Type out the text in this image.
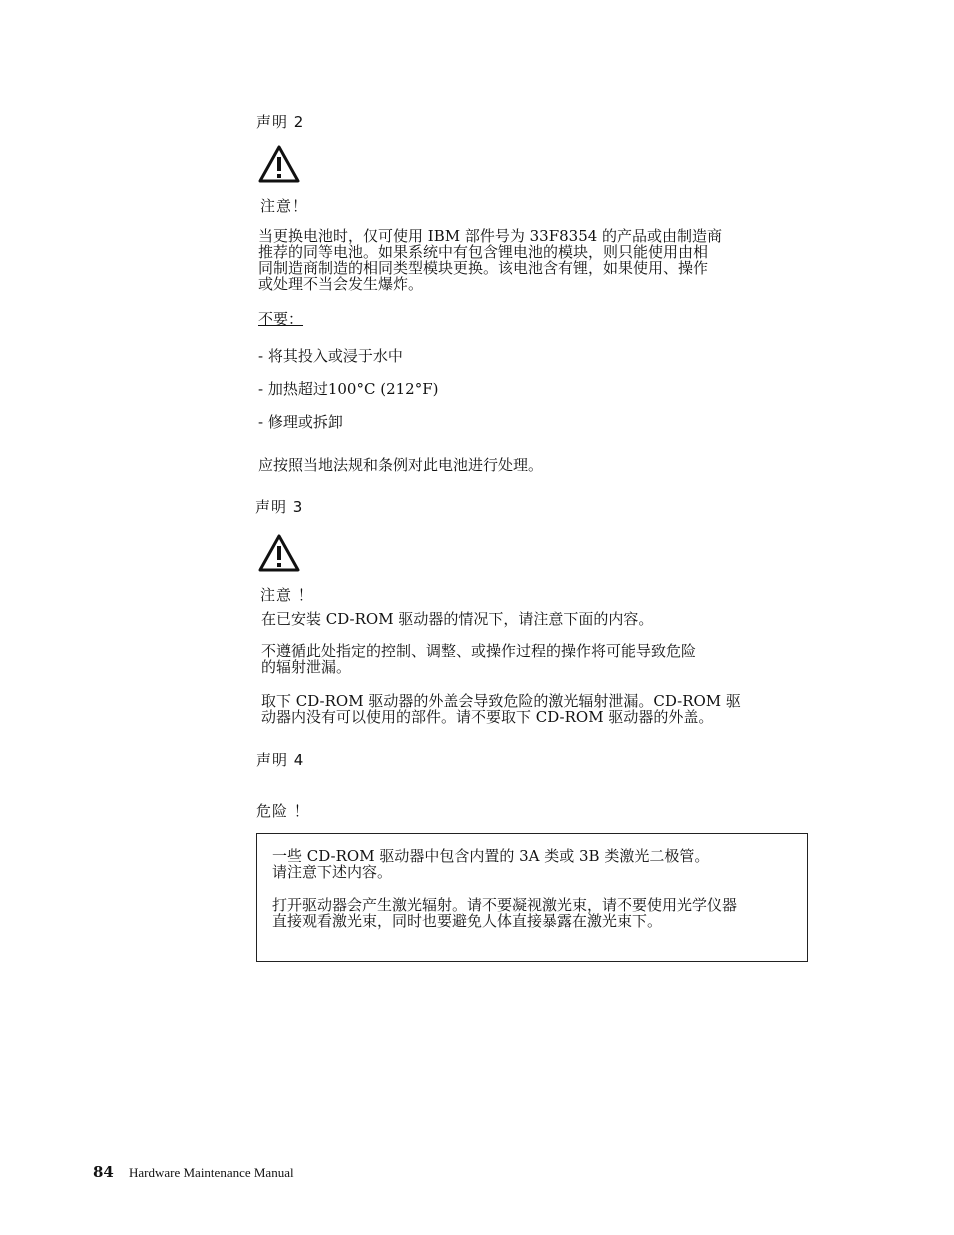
声明 2
注意！
当更换电池时，仅可使用 IBM 部件号为 33F8354 的产品或由制造商
推荐的同等电池。如果系统中有包含锂电池的模块，则只能使用由相
同制造商制造的相同类型模块更换。该电池含有锂，如果使用、操作
或处理不当会发生爆炸。
不要：
- 将其投入或浸于水中
- 加热超过100°C (212°F)
- 修理或拆卸
应按照当地法规和条例对此电池进行处理。
声明 3
注意 ！
在已安装 CD-ROM 驱动器的情况下，请注意下面的内容。
不遵循此处指定的控制、调整、或操作过程的操作将可能导致危险
的辐射泄漏。
取下 CD-ROM 驱动器的外盖会导致危险的激光辐射泄漏。CD-ROM 驱
动器内没有可以使用的部件。请不要取下 CD-ROM 驱动器的外盖。
声明 4
危险 ！
一些 CD-ROM 驱动器中包含内置的 3A 类或 3B 类激光二极管。
请注意下述内容。
打开驱动器会产生激光辐射。请不要凝视激光束，请不要使用光学仪器
直接观看激光束，同时也要避免人体直接暴露在激光束下。
84 Hardware Maintenance Manual
